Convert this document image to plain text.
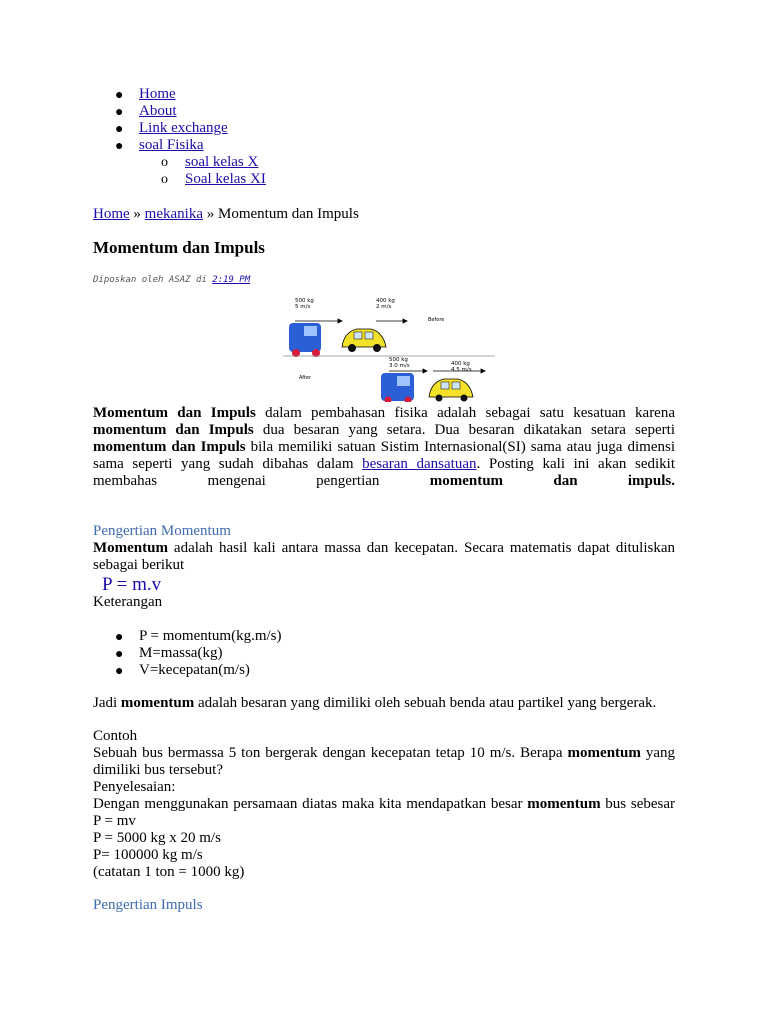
● Home
● About
● Link exchange
● soal Fisika
o soal kelas X
o Soal kelas XI
Home » mekanika » Momentum dan Impuls
Momentum dan Impuls
Diposkan oleh ASAZ di 2:19 PM
500 kg
5 m/s
400 kg
2 m/s
Before
500 kg
3.0 m/s	400 kg
4.5 m/s
After

Momentum dan Impuls dalam pembahasan fisika adalah sebagai satu kesatuan karena momentum dan Impuls dua besaran yang setara. Dua besaran dikatakan setara seperti momentum dan Impuls bila memiliki satuan Sistim Internasional(SI) sama atau juga dimensi sama seperti yang sudah dibahas dalam besaran dansatuan. Posting kali ini akan sedikit membahas mengenai pengertian momentum dan impuls.

Pengertian Momentum

Momentum adalah hasil kali antara massa dan kecepatan. Secara matematis dapat dituliskan sebagai berikut

P = m.v
Keterangan
● P = momentum(kg.m/s)
● M=massa(kg)
● V=kecepatan(m/s)

Jadi momentum adalah besaran yang dimiliki oleh sebuah benda atau partikel yang bergerak.

Contoh

Sebuah bus bermassa 5 ton bergerak dengan kecepatan tetap 10 m/s. Berapa momentum yang dimiliki bus tersebut?

Penyelesaian:

Dengan menggunakan persamaan diatas maka kita mendapatkan besar momentum bus sebesar P = mv

P = 5000 kg x 20 m/s
P= 100000 kg m/s
(catatan 1 ton = 1000 kg)
Pengertian Impuls
